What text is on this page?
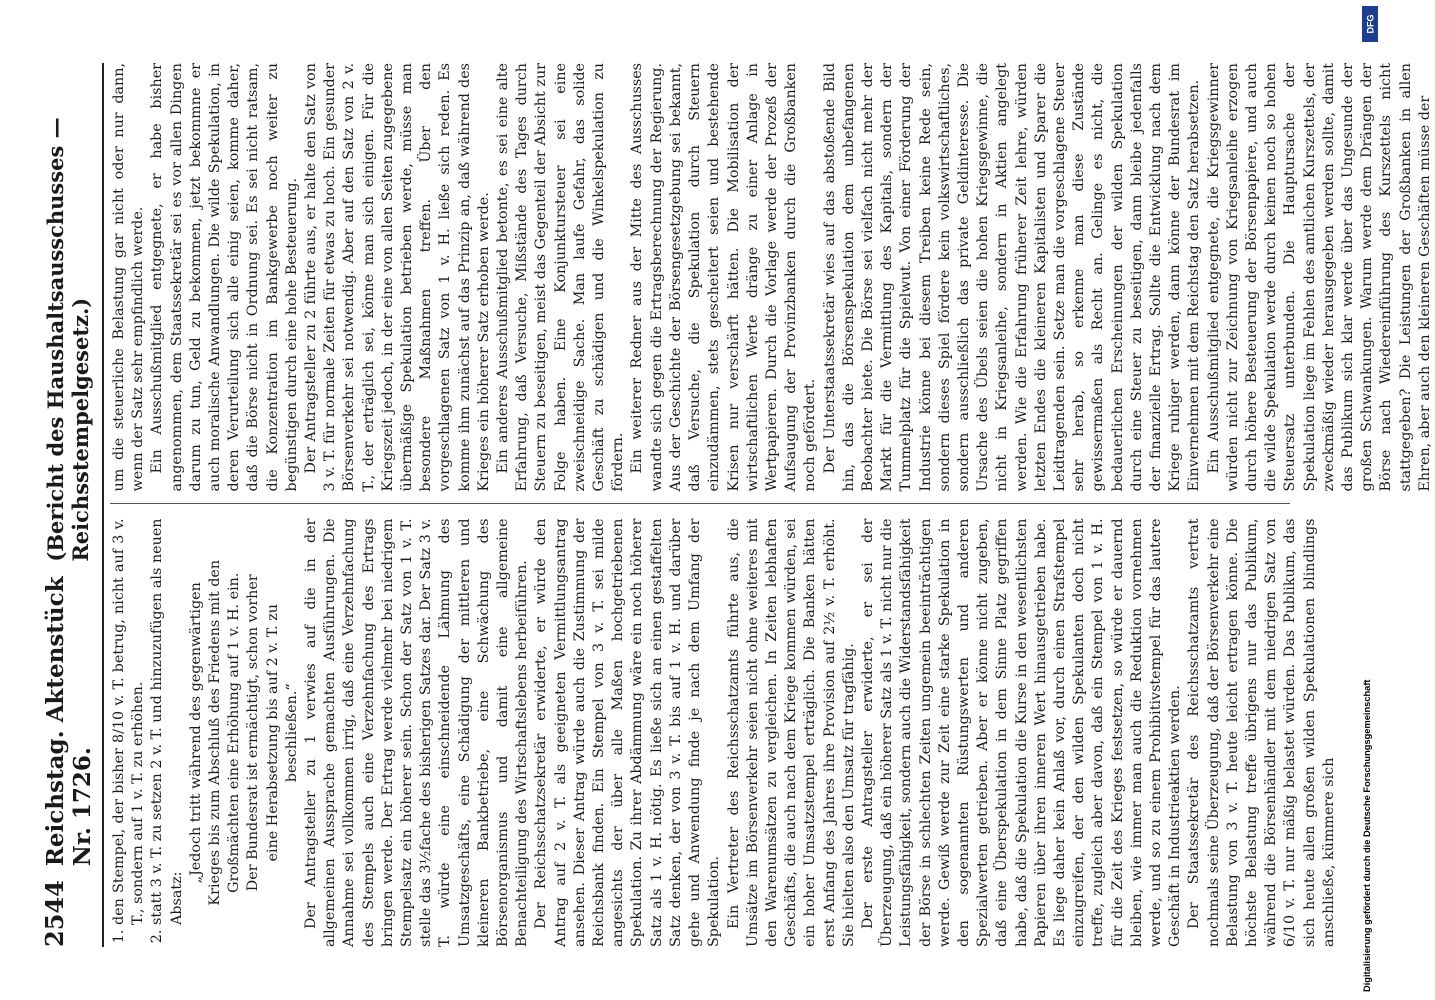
2544
Reichstag. Aktenstück Nr. 1726.
(Bericht des Haushaltsausschusses — Reichsstempelgesetz.)
1. den Stempel, der bisher 8/10 v. T. betrug, nicht auf 3 v. T., sondern auf 1 v. T. zu erhöhen.
2. statt 3 v. T. zu setzen 2 v. T. und hinzuzufügen als neuen Absatz:

„Jedoch tritt während des gegenwärtigen Krieges bis zum Abschluß des Friedens mit den Großmächten eine Erhöhung auf 1 v. H. ein. Der Bundesrat ist ermächtigt, schon vorher eine Herabsetzung bis auf 2 v. T. zu beschließen.“ Der Antragsteller zu 1 verwies auf die in der allgemeinen Aussprache gemachten Ausführungen. Die Annahme sei vollkommen irrig, daß eine Verzehnfachung des Stempels auch eine Verzehnfachung des Ertrags bringen werde. Der Ertrag werde vielmehr bei niedrigem Stempelsatz ein höherer sein. Schon der Satz von 1 v. T. stelle das 3½fache des bisherigen Satzes dar. Der Satz 3 v. T. würde eine einschneidende Lähmung des Umsatzgeschäfts, eine Schädigung der mittleren und kleineren Bankbetriebe, eine Schwächung des Börsenorganismus und damit eine allgemeine Benachteiligung des Wirtschaftslebens herbeiführen. Der Reichsschatzsekretär erwiderte, er würde den Antrag auf 2 v. T. als geeigneten Vermittlungsantrag ansehen. Dieser Antrag würde auch die Zustimmung der Reichsbank finden. Ein Stempel von 3 v. T. sei milde angesichts der über alle Maßen hochgetriebenen Spekulation. Zu ihrer Abdämmung wäre ein noch höherer Satz als 1 v. H. nötig. Es ließe sich an einen gestaffelten Satz denken, der von 3 v. T. bis auf 1 v. H. und darüber gehe und Anwendung finde je nach dem Umfang der Spekulation. Ein Vertreter des Reichsschatzamts führte aus, die Umsätze im Börsenverkehr seien nicht ohne weiteres mit den Warenumsätzen zu vergleichen. In Zeiten lebhaften Geschäfts, die auch nach dem Kriege kommen würden, sei ein hoher Umsatzstempel erträglich. Die Banken hätten erst Anfang des Jahres ihre Provision auf 2½ v. T. erhöht. Sie hielten also den Umsatz für tragfähig. Der erste Antragsteller erwiderte, er sei der Überzeugung, daß ein höherer Satz als 1 v. T. nicht nur die Leistungsfähigkeit, sondern auch die Widerstandsfähigkeit der Börse in schlechten Zeiten ungemein beeinträchtigen werde. Gewiß werde zur Zeit eine starke Spekulation in den sogenannten Rüstungswerten und anderen Spezialwerten getrieben. Aber er könne nicht zugeben, daß eine Überspekulation in dem Sinne Platz gegriffen habe, daß die Spekulation die Kurse in den wesentlichsten Papieren über ihren inneren Wert hinausgetrieben habe. Es liege daher kein Anlaß vor, durch einen Strafstempel einzugreifen, der den wilden Spekulanten doch nicht treffe, zugleich aber davon, daß ein Stempel von 1 v. H. für die Zeit des Krieges festsetzen, so würde er dauernd bleiben, wie immer man auch die Reduktion vornehmen werde, und so zu einem Prohibitivstempel für das lautere Geschäft in Industrieaktien werden. Der Staatssekretär des Reichsschatzamts vertrat nochmals seine Überzeugung, daß der Börsenverkehr eine Belastung von 3 v. T. heute leicht ertragen könne. Die höchste Belastung treffe übrigens nur das Publikum, während die Börsenhändler mit dem niedrigen Satz von 6/10 v. T. nur mäßig belastet würden. Das Publikum, das sich heute allen großen wilden Spekulationen blindlings anschließe, kümmere sich

um die steuerliche Belastung gar nicht oder nur dann, wenn der Satz sehr empfindlich werde. Ein Ausschußmitglied entgegnete, er habe bisher angenommen, dem Staatssekretär sei es vor allen Dingen darum zu tun, Geld zu bekommen, jetzt bekommne er auch moralische Anwandlungen. Die wilde Spekulation, in deren Verurteilung sich alle einig seien, komme daher, daß die Börse nicht in Ordnung sei. Es sei nicht ratsam, die Konzentration im Bankgewerbe noch weiter zu begünstigen durch eine hohe Besteuerung. Der Antragsteller zu 2 führte aus, er halte den Satz von 3 v. T. für normale Zeiten für etwas zu hoch. Ein gesunder Börsenverkehr sei notwendig. Aber auf den Satz von 2 v. T., der erträglich sei, könne man sich einigen. Für die Kriegszeit jedoch, in der eine von allen Seiten zugegebene übermäßige Spekulation betrieben werde, müsse man besondere Maßnahmen treffen. Über den vorgeschlagenen Satz von 1 v. H. ließe sich reden. Es komme ihm zunächst auf das Prinzip an, daß während des Krieges ein höherer Satz erhoben werde. Ein anderes Ausschußmitglied betonte, es sei eine alte Erfahrung, daß Versuche, Mißstände des Tages durch Steuern zu beseitigen, meist das Gegenteil der Absicht zur Folge haben. Eine Konjunktursteuer sei eine zweischneidige Sache. Man laufe Gefahr, das solide Geschäft zu schädigen und die Winkelspekulation zu fördern. Ein weiterer Redner aus der Mitte des Ausschusses wandte sich gegen die Ertragsberechnung der Regierung. Aus der Geschichte der Börsengesetzgebung sei bekannt, daß Versuche, die Spekulation durch Steuern einzudämmen, stets gescheitert seien und bestehende Krisen nur verschärft hätten. Die Mobilisation der wirtschaftlichen Werte dränge zu einer Anlage in Wertpapieren. Durch die Vorlage werde der Prozeß der Aufsaugung der Provinzbanken durch die Großbanken noch gefördert. Der Unterstaatssekretär wies auf das abstoßende Bild hin, das die Börsenspekulation dem unbefangenen Beobachter biete. Die Börse sei vielfach nicht mehr der Markt für die Vermittlung des Kapitals, sondern der Tummelplatz für die Spielwut. Von einer Förderung der Industrie könne bei diesem Treiben keine Rede sein, sondern dieses Spiel fördere kein volkswirtschaftliches, sondern ausschließlich das private Geldinteresse. Die Ursache des Übels seien die hohen Kriegsgewinne, die nicht in Kriegsanleihe, sondern in Aktien angelegt werden. Wie die Erfahrung früherer Zeit lehre, würden letzten Endes die kleineren Kapitalisten und Sparer die Leidtragenden sein. Setze man die vorgeschlagene Steuer sehr herab, so erkenne man diese Zustände gewissermaßen als Recht an. Gelinge es nicht, die bedauerlichen Erscheinungen der wilden Spekulation durch eine Steuer zu beseitigen, dann bleibe jedenfalls der finanzielle Ertrag. Sollte die Entwicklung nach dem Kriege ruhiger werden, dann könne der Bundesrat im Einvernehmen mit dem Reichstag den Satz herabsetzen. Ein Ausschußmitglied entgegnete, die Kriegsgewinner würden nicht zur Zeichnung von Kriegsanleihe erzogen durch höhere Besteuerung der Börsenpapiere, und auch die wilde Spekulation werde durch keinen noch so hohen Steuersatz unterbunden. Die Hauptursache der Spekulation liege im Fehlen des amtlichen Kurszettels, der zweckmäßig wieder herausgegeben werden sollte, damit das Publikum sich klar werde über das Ungesunde der großen Schwankungen. Warum werde dem Drängen der Börse nach Wiedereinführung des Kurszettels nicht stattgegeben? Die Leistungen der Großbanken in allen Ehren, aber auch den kleineren Geschäften müsse der

DFG
Digitalisierung gefördert durch die Deutsche Forschungsgemeinschaft
